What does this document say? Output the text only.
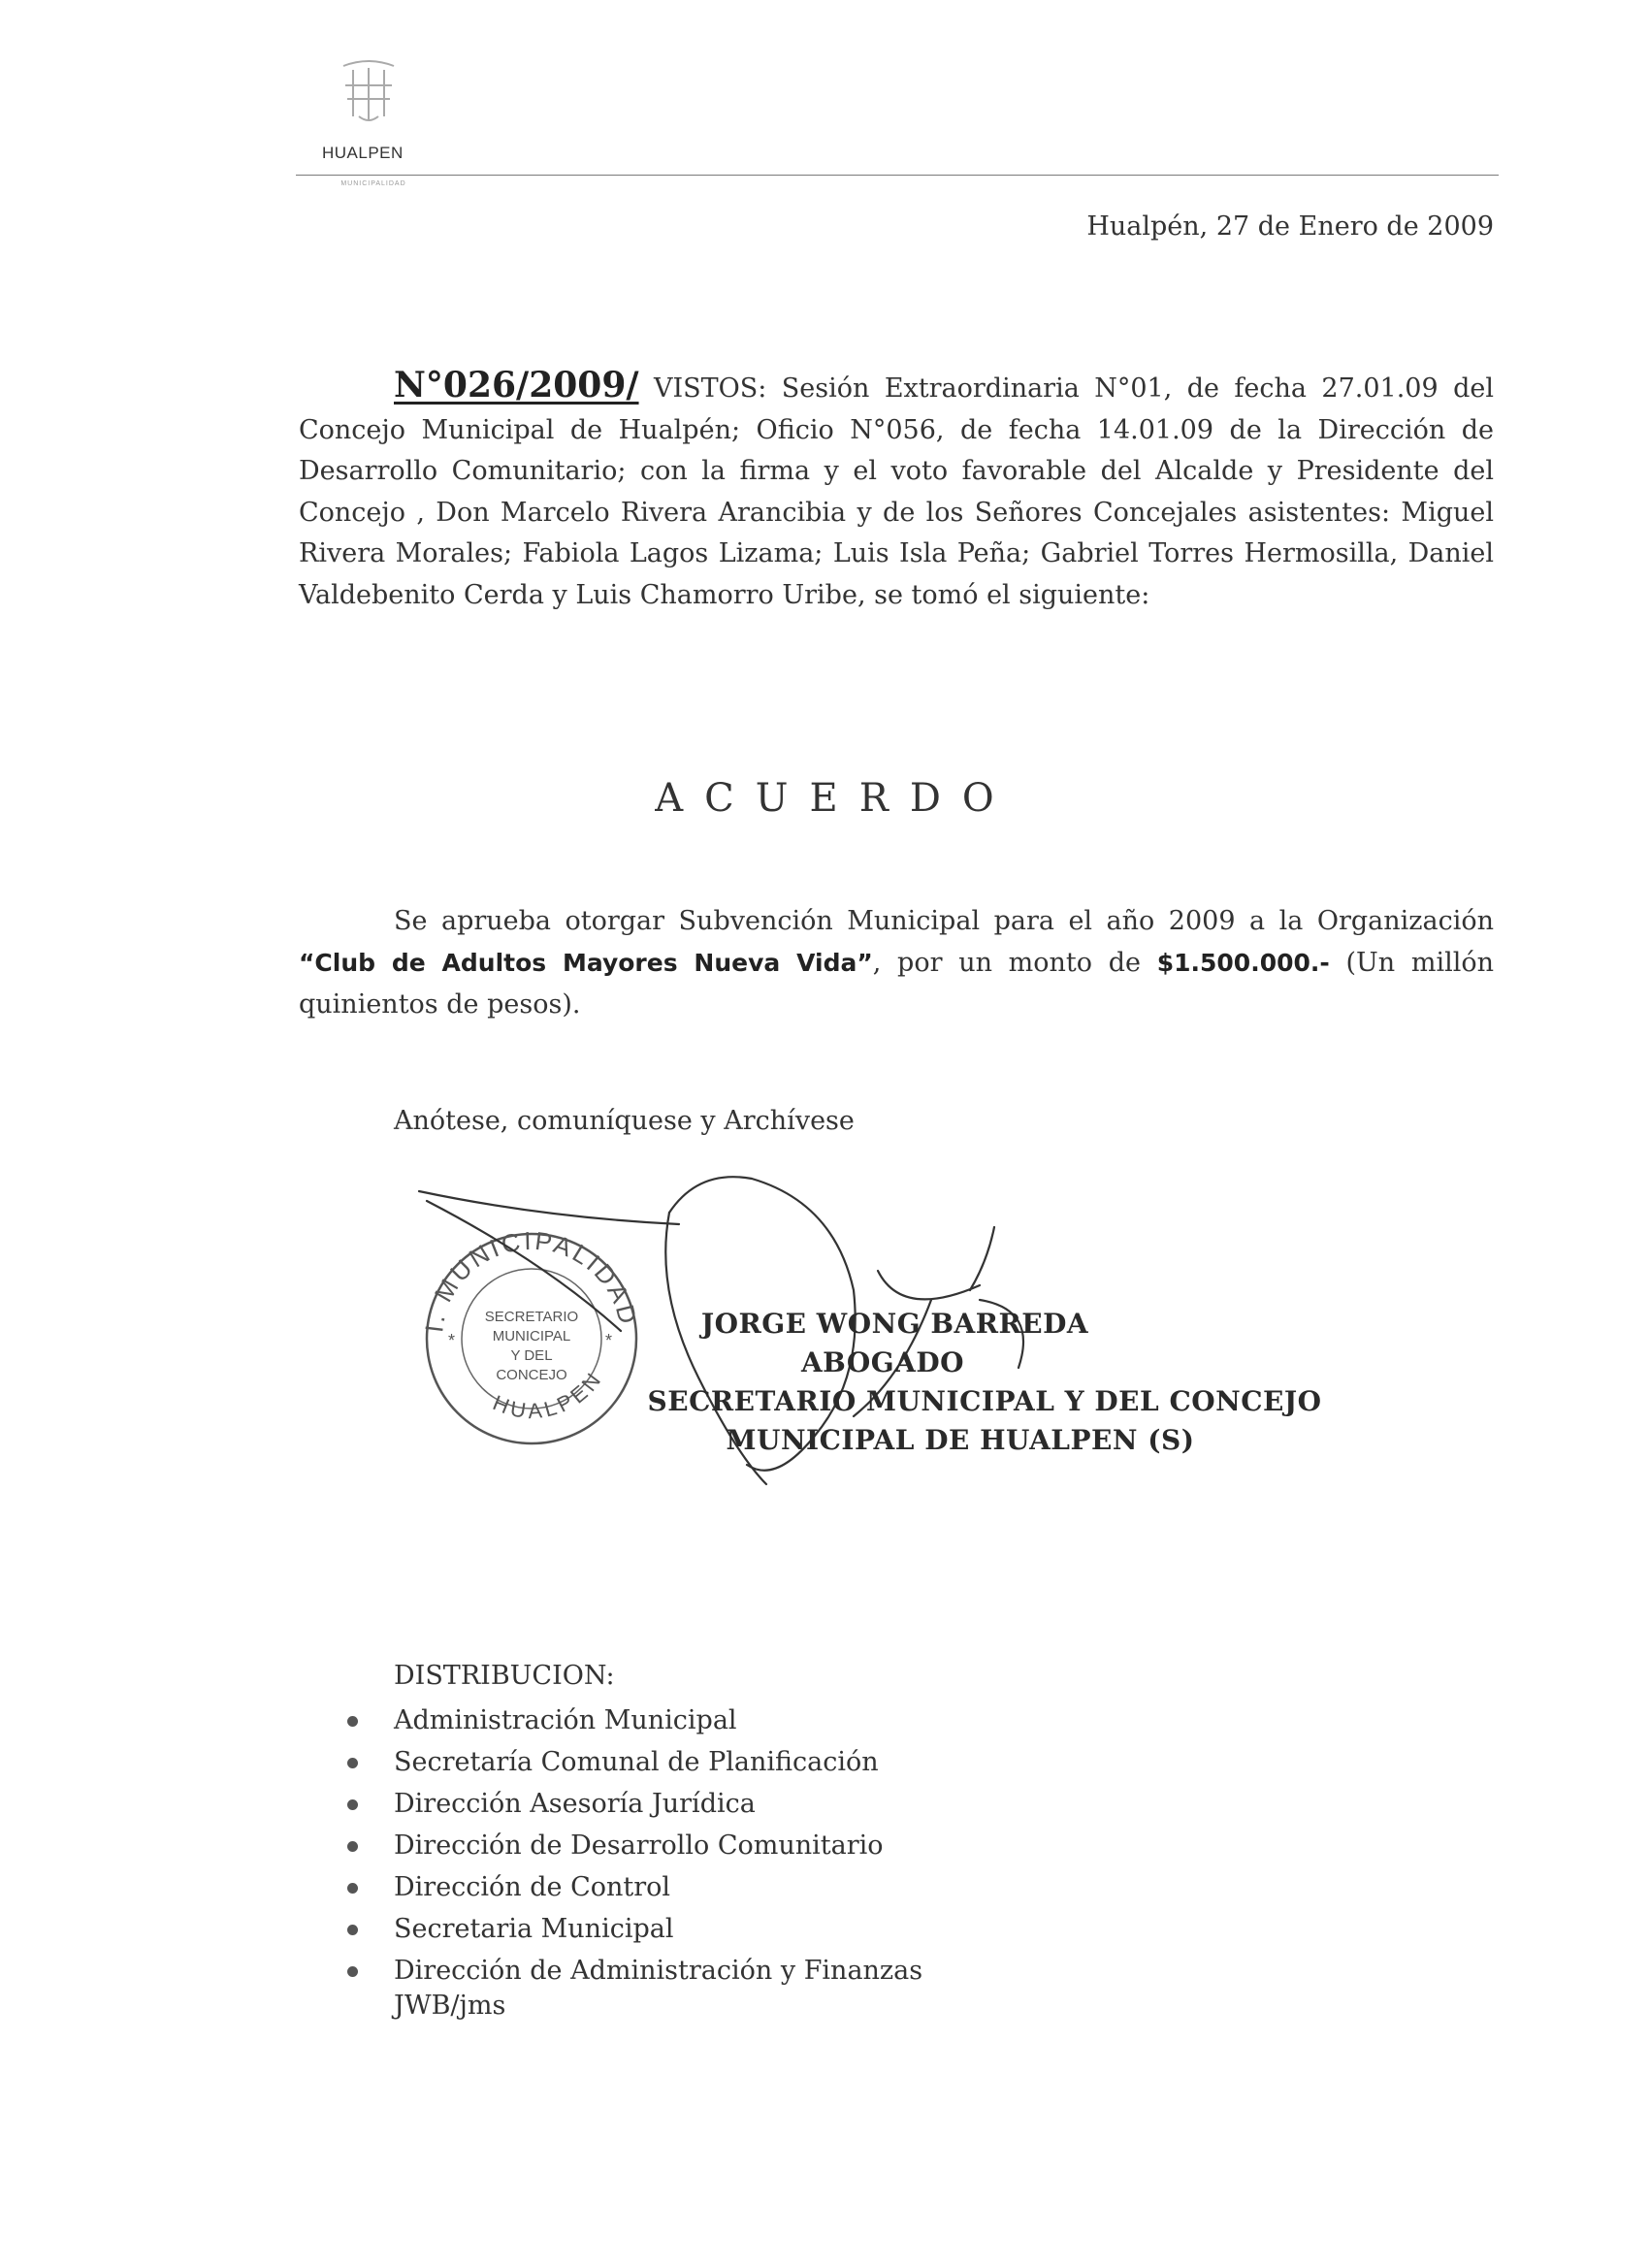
MUNICIPALIDAD
HUALPEN
Hualpén, 27 de Enero de 2009
N°026/2009/ VISTOS: Sesión Extraordinaria N°01, de fecha 27.01.09 del Concejo Municipal de Hualpén; Oficio N°056, de fecha 14.01.09 de la Dirección de Desarrollo Comunitario; con la firma y el voto favorable del Alcalde y Presidente del Concejo , Don Marcelo Rivera Arancibia y de los Señores Concejales asistentes: Miguel Rivera Morales; Fabiola Lagos Lizama; Luis Isla Peña; Gabriel Torres Hermosilla, Daniel Valdebenito Cerda y Luis Chamorro Uribe, se tomó el siguiente:
ACUERDO
Se aprueba otorgar Subvención Municipal para el año 2009 a la Organización “Club de Adultos Mayores Nueva Vida”, por un monto de $1.500.000.- (Un millón quinientos de pesos).
Anótese, comuníquese y Archívese
I. MUNICIPALIDAD
HUALPEN
SECRETARIO
MUNICIPAL
Y DEL
CONCEJO
*	*
JORGE WONG BARREDA
ABOGADO
SECRETARIO MUNICIPAL Y DEL CONCEJO
MUNICIPAL DE HUALPEN (S)
DISTRIBUCION:
Administración Municipal
Secretaría Comunal de Planificación
Dirección Asesoría Jurídica
Dirección de Desarrollo Comunitario
Dirección de Control
Secretaria Municipal
Dirección de Administración y Finanzas
JWB/jms
